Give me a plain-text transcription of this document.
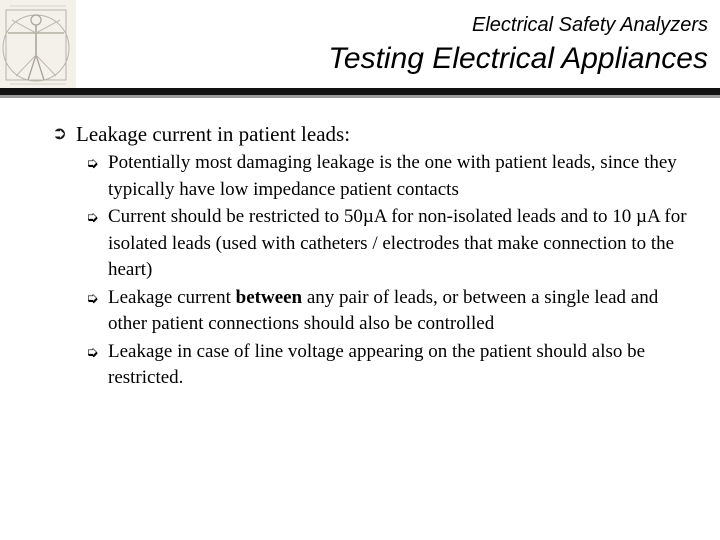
Electrical Safety Analyzers
Testing Electrical Appliances
➲ Leakage current in patient leads:
➭ Potentially most damaging leakage is the one with patient leads, since they typically have low impedance patient contacts
➭ Current should be restricted to 50µA for non-isolated leads and to 10 µA for isolated leads (used with catheters / electrodes that make connection to the heart)
➭ Leakage current between any pair of leads, or between a single lead and other patient connections should also be controlled
➭ Leakage in case of line voltage appearing on the patient should also be restricted.
